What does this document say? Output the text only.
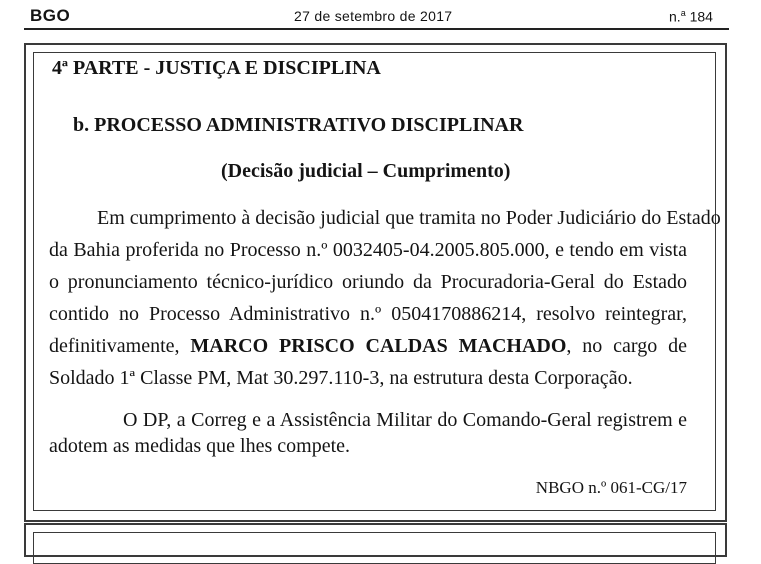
BGO	27 de setembro de 2017	n.$^a$ 184
4ª PARTE - JUSTIÇA E DISCIPLINA
b. PROCESSO ADMINISTRATIVO DISCIPLINAR
(Decisão judicial – Cumprimento)
Em cumprimento à decisão judicial que tramita no Poder Judiciário do Estado
da Bahia proferida no Processo n.º 0032405-04.2005.805.000, e tendo em vista
o pronunciamento técnico-jurídico oriundo da Procuradoria-Geral do Estado
contido no Processo Administrativo n.º 0504170886214, resolvo reintegrar,
definitivamente, MARCO PRISCO CALDAS MACHADO, no cargo de
Soldado 1ª Classe PM, Mat 30.297.110-3, na estrutura desta Corporação.
O DP, a Correg e a Assistência Militar do Comando-Geral registrem e
adotem as medidas que lhes compete.
NBGO n.º 061-CG/17
